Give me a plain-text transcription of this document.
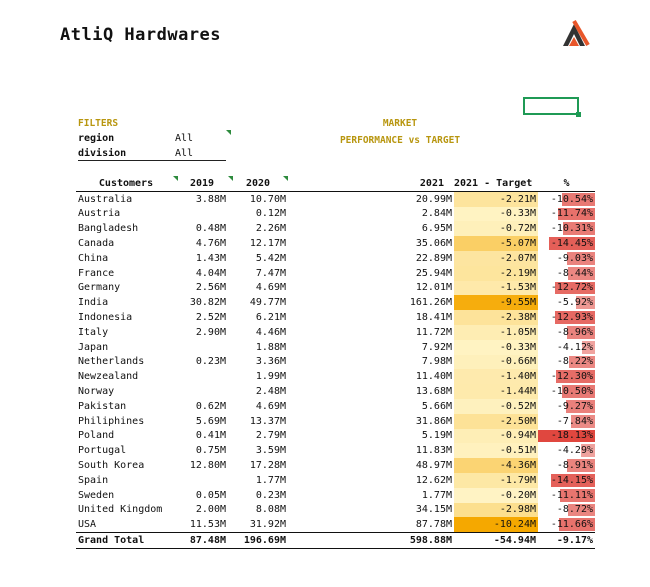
AtliQ Hardwares
FILTERS
region	All
division	All
MARKET
PERFORMANCE vs TARGET
Customers	2019	2020	2021	2021 - Target	%
Australia	3.88M	10.70M	20.99M	-2.21M	-10.54%
Austria		0.12M	2.84M	-0.33M	-11.74%
Bangladesh	0.48M	2.26M	6.95M	-0.72M	-10.31%
Canada	4.76M	12.17M	35.06M	-5.07M	-14.45%
China	1.43M	5.42M	22.89M	-2.07M	-9.03%
France	4.04M	7.47M	25.94M	-2.19M	-8.44%
Germany	2.56M	4.69M	12.01M	-1.53M	-12.72%
India	30.82M	49.77M	161.26M	-9.55M	-5.92%
Indonesia	2.52M	6.21M	18.41M	-2.38M	-12.93%
Italy	2.90M	4.46M	11.72M	-1.05M	-8.96%
Japan		1.88M	7.92M	-0.33M	-4.12%
Netherlands	0.23M	3.36M	7.98M	-0.66M	-8.22%
Newzealand		1.99M	11.40M	-1.40M	-12.30%
Norway		2.48M	13.68M	-1.44M	-10.50%
Pakistan	0.62M	4.69M	5.66M	-0.52M	-9.27%
Philiphines	5.69M	13.37M	31.86M	-2.50M	-7.84%
Poland	0.41M	2.79M	5.19M	-0.94M	-18.13%
Portugal	0.75M	3.59M	11.83M	-0.51M	-4.29%
South Korea	12.80M	17.28M	48.97M	-4.36M	-8.91%
Spain		1.77M	12.62M	-1.79M	-14.15%
Sweden	0.05M	0.23M	1.77M	-0.20M	-11.11%
United Kingdom	2.00M	8.08M	34.15M	-2.98M	-8.72%
USA	11.53M	31.92M	87.78M	-10.24M	-11.66%
Grand Total	87.48M	196.69M	598.88M	-54.94M	-9.17%
